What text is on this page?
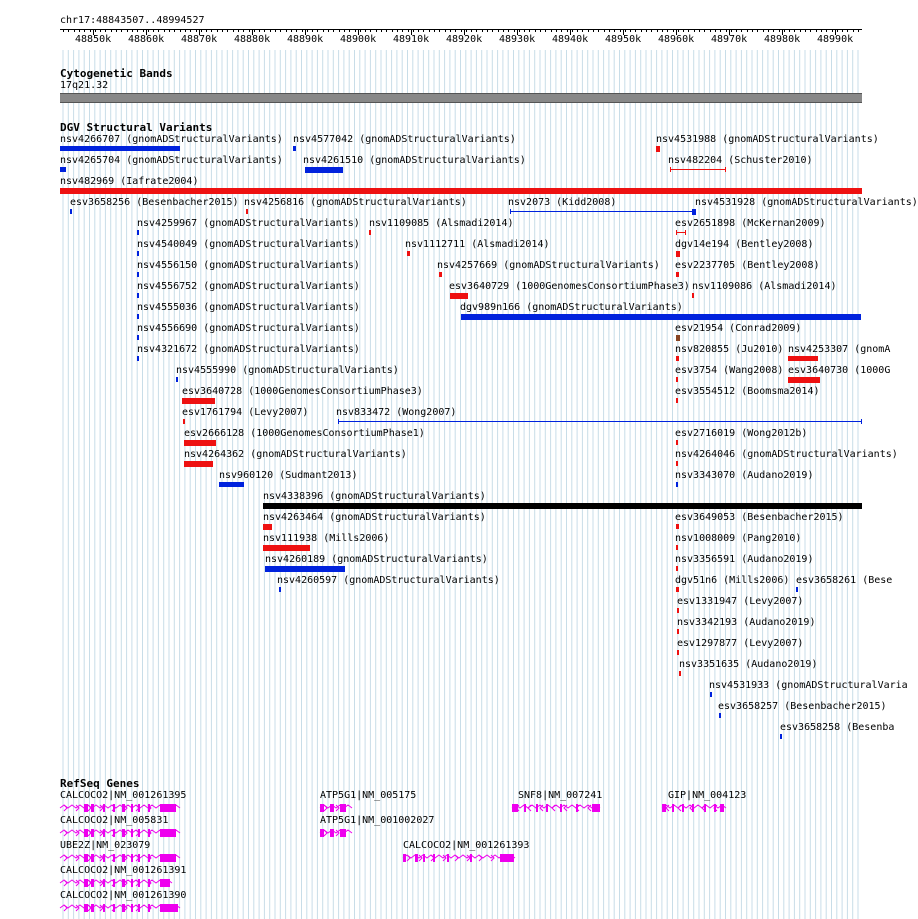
chr17:48843507..48994527
48850k 48860k 48870k 48880k 48890k 48900k 48910k 48920k 48930k 48940k 48950k 48960k 48970k 48980k 48990k
Cytogenetic Bands
17q21.32
DGV Structural Variants
nsv4266707 (gnomADStructuralVariants) nsv4577042 (gnomADStructuralVariants)	nsv4531988 (gnomADStructuralVariants)
nsv4265704 (gnomADStructuralVariants) nsv4261510 (gnomADStructuralVariants)	nsv482204 (Schuster2010)
nsv482969 (Iafrate2004)
esv3658256 (Besenbacher2015) nsv4256816 (gnomADStructuralVariants)	nsv2073 (Kidd2008)	nsv4531928 (gnomADStructuralVariants)
nsv4259967 (gnomADStructuralVariants) nsv1109085 (Alsmadi2014)	esv2651898 (McKernan2009)
nsv4540049 (gnomADStructuralVariants)	nsv1112711 (Alsmadi2014)	dgv14e194 (Bentley2008)
nsv4556150 (gnomADStructuralVariants)	nsv4257669 (gnomADStructuralVariants) esv2237705 (Bentley2008)
nsv4556752 (gnomADStructuralVariants)	esv3640729 (1000GenomesConsortiumPhase3) nsv1109086 (Alsmadi2014)
nsv4555036 (gnomADStructuralVariants)	dgv989n166 (gnomADStructuralVariants)
nsv4556690 (gnomADStructuralVariants)	esv21954 (Conrad2009)
nsv4321672 (gnomADStructuralVariants)	nsv820855 (Ju2010) nsv4253307 (gnomA
nsv4555990 (gnomADStructuralVariants)	esv3754 (Wang2008) esv3640730 (1000G
esv3640728 (1000GenomesConsortiumPhase3)	esv3554512 (Boomsma2014)
esv1761794 (Levy2007)	nsv833472 (Wong2007)
esv2666128 (1000GenomesConsortiumPhase1)	esv2716019 (Wong2012b)
nsv4264362 (gnomADStructuralVariants)	nsv4264046 (gnomADStructuralVariants)
nsv960120 (Sudmant2013)	nsv3343070 (Audano2019)
nsv4338396 (gnomADStructuralVariants)
nsv4263464 (gnomADStructuralVariants)	esv3649053 (Besenbacher2015)
nsv111938 (Mills2006)	nsv1008009 (Pang2010)
nsv4260189 (gnomADStructuralVariants)	nsv3356591 (Audano2019)
nsv4260597 (gnomADStructuralVariants)	dgv51n6 (Mills2006) esv3658261 (Bese
esv1331947 (Levy2007)
nsv3342193 (Audano2019)
esv1297877 (Levy2007)
nsv3351635 (Audano2019)
nsv4531933 (gnomADStructuralVaria
esv3658257 (Besenbacher2015)
esv3658258 (Besenba
RefSeq Genes
CALCOCO2|NM_001261395	ATP5G1|NM_005175	SNF8|NM_007241	GIP|NM_004123
CALCOCO2|NM_005831	ATP5G1|NM_001002027
CALCOCO2|NM_001261393
UBE2Z|NM_023079
CALCOCO2|NM_001261391
CALCOCO2|NM_001261390
